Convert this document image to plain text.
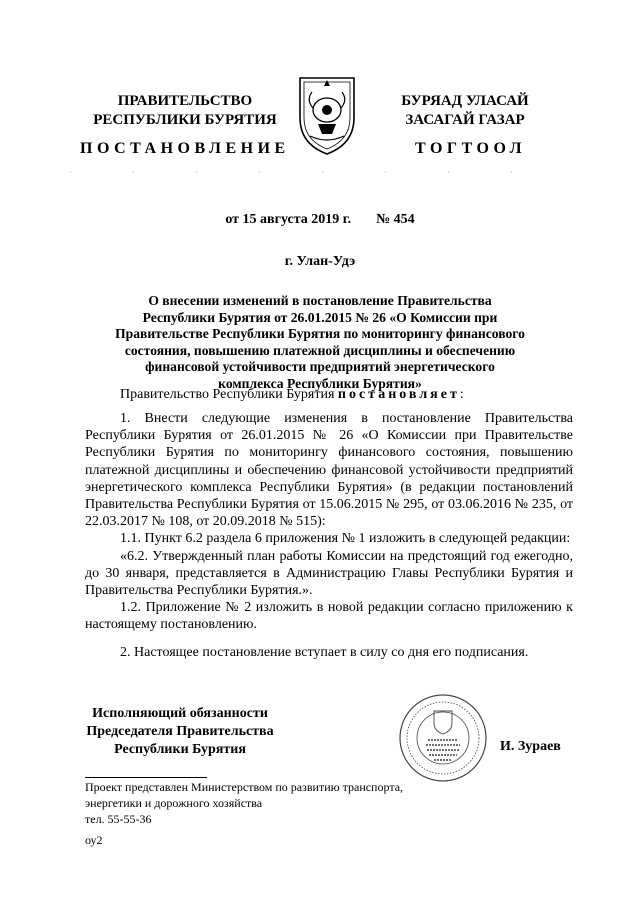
ПРАВИТЕЛЬСТВО
РЕСПУБЛИКИ БУРЯТИЯ
БУРЯАД УЛАСАЙ
ЗАСАГАЙ ГАЗАР
ПОСТАНОВЛЕНИЕ	ТОГТООЛ
от 15 августа 2019 г. № 454
г. Улан-Удэ
О внесении изменений в постановление Правительства
Республики Бурятия от 26.01.2015 № 26 «О Комиссии при
Правительстве Республики Бурятия по мониторингу финансового
состояния, повышению платежной дисциплины и обеспечению
финансовой устойчивости предприятий энергетического
комплекса Республики Бурятия»
Правительство Республики Бурятия постановляет:
1. Внести следующие изменения в постановление Правительства Республики Бурятия от 26.01.2015 № 26 «О Комиссии при Правительстве Республики Бурятия по мониторингу финансового состояния, повышению платежной дисциплины и обеспечению финансовой устойчивости предприятий энергетического комплекса Республики Бурятия» (в редакции постановлений Правительства Республики Бурятия от 15.06.2015 № 295, от 03.06.2016 № 235, от 22.03.2017 № 108, от 20.09.2018 № 515):
1.1. Пункт 6.2 раздела 6 приложения № 1 изложить в следующей редакции:
«6.2. Утвержденный план работы Комиссии на предстоящий год ежегодно, до 30 января, представляется в Администрацию Главы Республики Бурятия и Правительства Республики Бурятия.».
1.2. Приложение № 2 изложить в новой редакции согласно приложению к настоящему постановлению.
2. Настоящее постановление вступает в силу со дня его подписания.
Исполняющий обязанности
Председателя Правительства
Республики Бурятия	И. Зураев
Проект представлен Министерством по развитию транспорта,
энергетики и дорожного хозяйства
тел. 55-55-36
оу2
